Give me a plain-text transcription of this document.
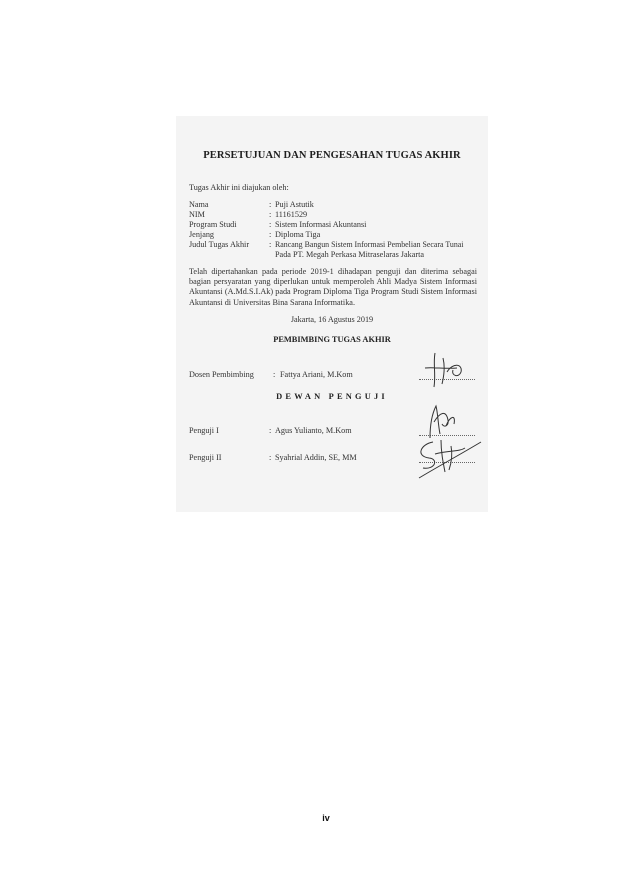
PERSETUJUAN DAN PENGESAHAN TUGAS AKHIR
Tugas Akhir ini diajukan oleh:
Nama	: Puji Astutik
NIM	: 11161529
Program Studi	: Sistem Informasi Akuntansi
Jenjang	: Diploma Tiga
Judul Tugas Akhir : Rancang Bangun Sistem Informasi Pembelian Secara Tunai
Pada PT. Megah Perkasa Mitraselaras Jakarta
Telah dipertahankan pada periode 2019-1 dihadapan penguji dan diterima sebagai bagian persyaratan yang diperlukan untuk memperoleh Ahli Madya Sistem Informasi Akuntansi (A.Md.S.I.Ak) pada Program Diploma Tiga Program Studi Sistem Informasi Akuntansi di Universitas Bina Sarana Informatika.
Jakarta, 16 Agustus 2019
PEMBIMBING TUGAS AKHIR
Dosen Pembimbing : Fattya Ariani, M.Kom
DEWAN PENGUJI
Penguji I	: Agus Yulianto, M.Kom
Penguji II	: Syahrial Addin, SE, MM
iv
